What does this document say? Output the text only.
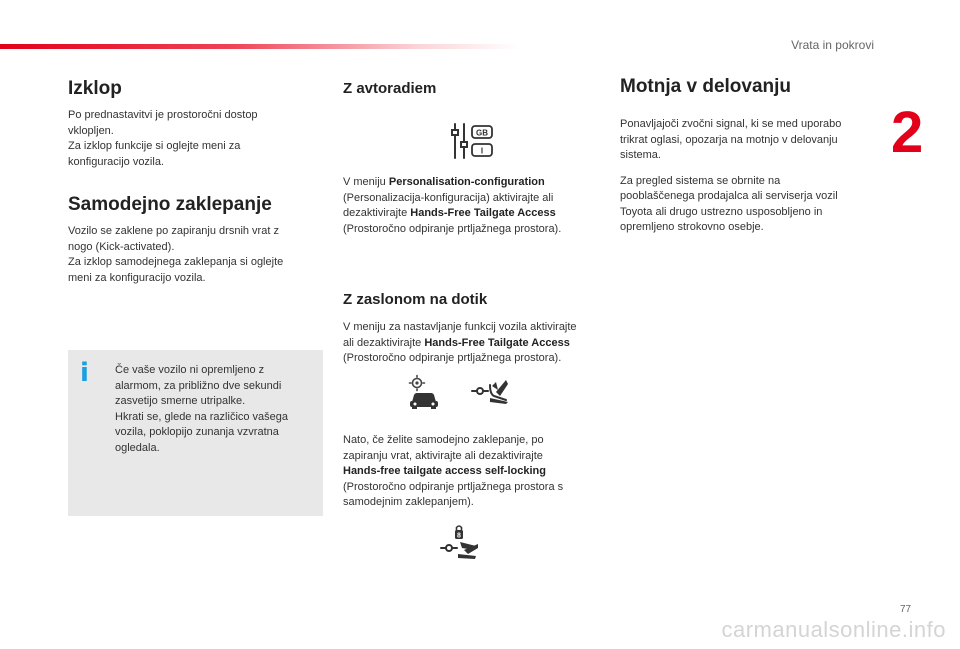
Vrata in pokrovi
2
77
Izklop

Po prednastavitvi je prostoročni dostop
vklopljen.
Za izklop funkcije si oglejte meni za
konfiguracijo vozila.

Samodejno zaklepanje

Vozilo se zaklene po zapiranju drsnih vrat z
nogo (Kick-activated).
Za izklop samodejnega zaklepanja si oglejte
meni za konfiguracijo vozila.

i Če vaše vozilo ni opremljeno z
alarmom, za približno dve sekundi
zasvetijo smerne utripalke.
Hkrati se, glede na različico vašega
vozila, poklopijo zunanja vzvratna
ogledala.

Z avtoradiem
GB
I

V meniju Personalisation-configuration
(Personalizacija-konfiguracija) aktivirajte ali
dezaktivirajte Hands-Free Tailgate Access
(Prostoročno odpiranje prtljažnega prostora).

Z zaslonom na dotik

V meniju za nastavljanje funkcij vozila aktivirajte
ali dezaktivirajte Hands-Free Tailgate Access
(Prostoročno odpiranje prtljažnega prostora).

Nato, če želite samodejno zaklepanje, po
zapiranju vrat, aktivirajte ali dezaktivirajte
Hands-free tailgate access self-locking
(Prostoročno odpiranje prtljažnega prostora s
samodejnim zaklepanjem).

8
Motnja v delovanju

Ponavljajoči zvočni signal, ki se med uporabo
trikrat oglasi, opozarja na motnjo v delovanju
sistema.

Za pregled sistema se obrnite na
pooblaščenega prodajalca ali serviserja vozil
Toyota ali drugo ustrezno usposobljeno in
opremljeno strokovno osebje.

carmanualsonline.info
